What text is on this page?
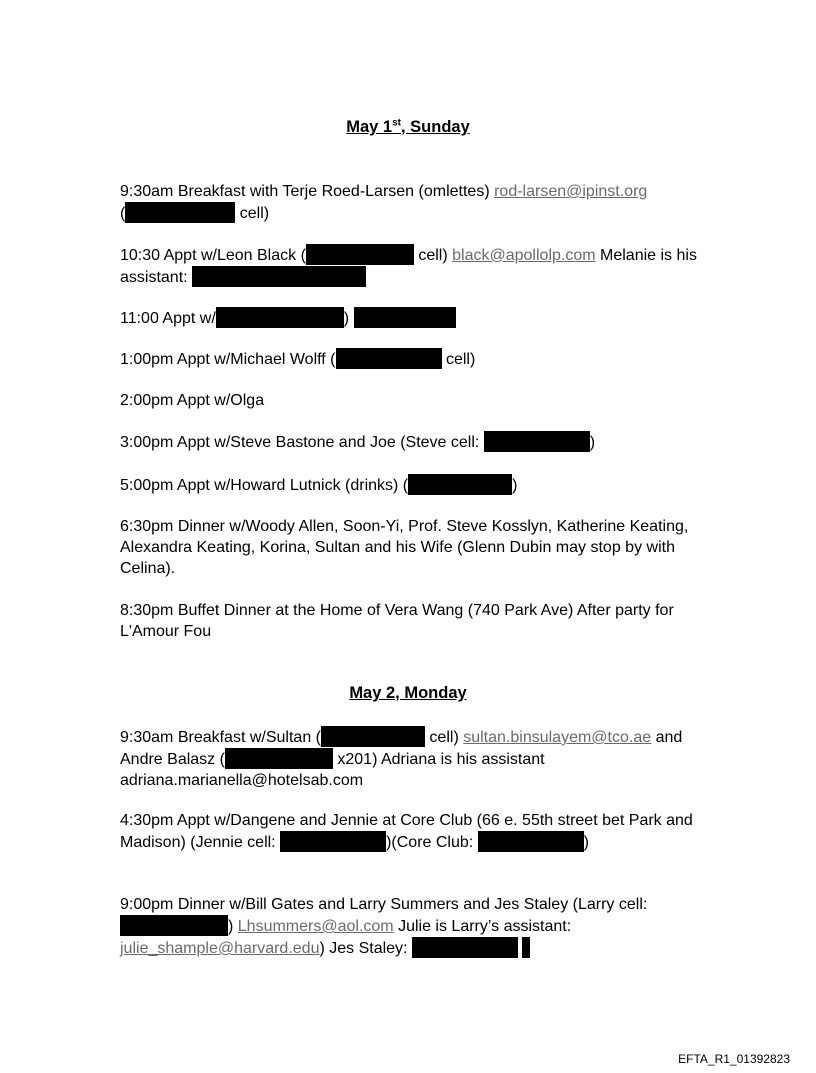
May 1st, Sunday

9:30am Breakfast with Terje Roed-Larsen (omlettes) rod-larsen@ipinst.org
(	cell)

10:30 Appt w/Leon Black (	cell) black@apollolp.com Melanie is his assistant:

11:00 Appt w/	)

1:00pm Appt w/Michael Wolff (	cell)

2:00pm Appt w/Olga

3:00pm Appt w/Steve Bastone and Joe (Steve cell:	)

5:00pm Appt w/Howard Lutnick (drinks) (	)

6:30pm Dinner w/Woody Allen, Soon-Yi, Prof. Steve Kosslyn, Katherine Keating, Alexandra Keating, Korina, Sultan and his Wife (Glenn Dubin may stop by with Celina).

8:30pm Buffet Dinner at the Home of Vera Wang (740 Park Ave) After party for L'Amour Fou

May 2, Monday

9:30am Breakfast w/Sultan (	cell) sultan.binsulayem@tco.ae and Andre Balasz (	x201) Adriana is his assistant adriana.marianella@hotelsab.com

4:30pm Appt w/Dangene and Jennie at Core Club (66 e. 55th street bet Park and Madison) (Jennie cell:	)(Core Club:	)

9:00pm Dinner w/Bill Gates and Larry Summers and Jes Staley (Larry cell: ) Lhsummers@aol.com Julie is Larry’s assistant: julie_shample@harvard.edu) Jes Staley:

EFTA_R1_01392823
